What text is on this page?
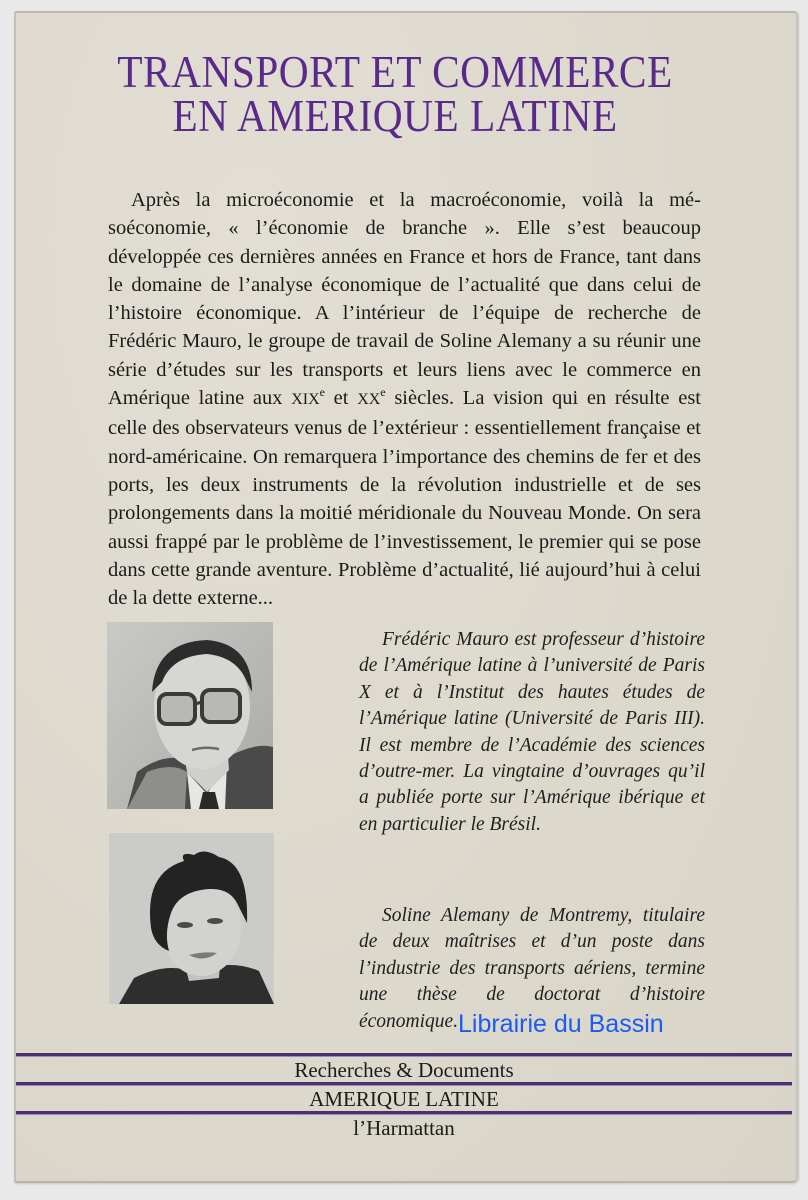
TRANSPORT ET COMMERCE
EN AMERIQUE LATINE
Après la microéconomie et la macroéconomie, voilà la mésoéconomie, « l’économie de branche ». Elle s’est beaucoup développée ces dernières années en France et hors de France, tant dans le domaine de l’analyse économique de l’actualité que dans celui de l’histoire économique. A l’intérieur de l’équipe de recherche de Frédéric Mauro, le groupe de travail de Soline Alemany a su réunir une série d’études sur les transports et leurs liens avec le commerce en Amérique latine aux XIXe et XXe siècles. La vision qui en résulte est celle des observateurs venus de l’extérieur : essentiellement française et nord-américaine. On remarquera l’importance des chemins de fer et des ports, les deux instruments de la révolution industrielle et de ses prolongements dans la moitié méridionale du Nouveau Monde. On sera aussi frappé par le problème de l’investissement, le premier qui se pose dans cette grande aventure. Problème d’actualité, lié aujourd’hui à celui de la dette externe...
Frédéric Mauro est professeur d’histoire de l’Amérique latine à l’université de Paris X et à l’Institut des hautes études de l’Amérique latine (Université de Paris III). Il est membre de l’Académie des sciences d’outre-mer. La vingtaine d’ouvrages qu’il a publiée porte sur l’Amérique ibérique et en particulier le Brésil.
Soline Alemany de Montremy, titulaire de deux maîtrises et d’un poste dans l’industrie des transports aériens, termine une thèse de doctorat d’histoire économique. Librairie du Bassin
Recherches & Documents
AMERIQUE LATINE
l’Harmattan
